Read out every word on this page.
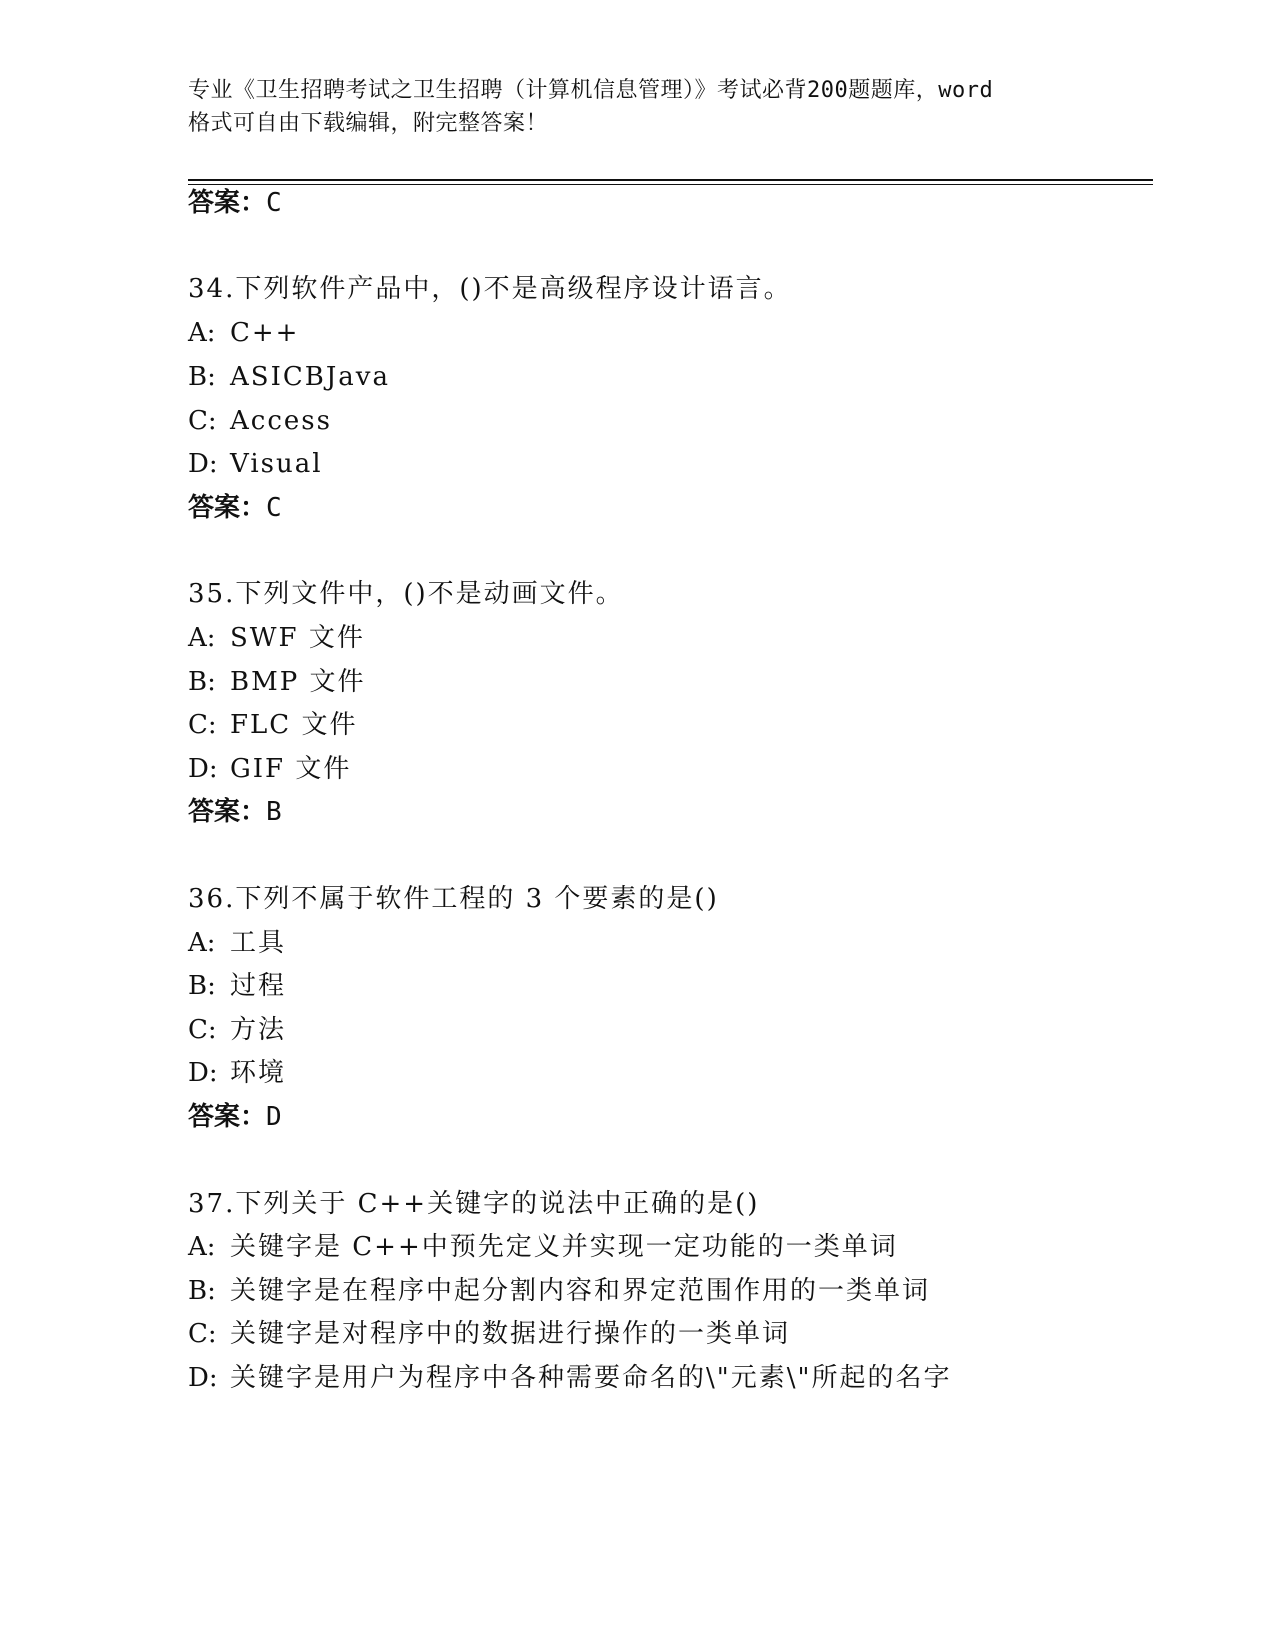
专业《卫生招聘考试之卫生招聘（计算机信息管理）》考试必背200题题库，word
格式可自由下载编辑，附完整答案！
答案：C
34.下列软件产品中，()不是高级程序设计语言。
A: C++
B: ASICBJava
C: Access
D: Visual
答案：C
35.下列文件中，()不是动画文件。
A: SWF 文件
B: BMP 文件
C: FLC 文件
D: GIF 文件
答案：B
36.下列不属于软件工程的 3 个要素的是()
A: 工具
B: 过程
C: 方法
D: 环境
答案：D
37.下列关于 C++关键字的说法中正确的是()
A: 关键字是 C++中预先定义并实现一定功能的一类单词
B: 关键字是在程序中起分割内容和界定范围作用的一类单词
C: 关键字是对程序中的数据进行操作的一类单词
D: 关键字是用户为程序中各种需要命名的\"元素\"所起的名字
